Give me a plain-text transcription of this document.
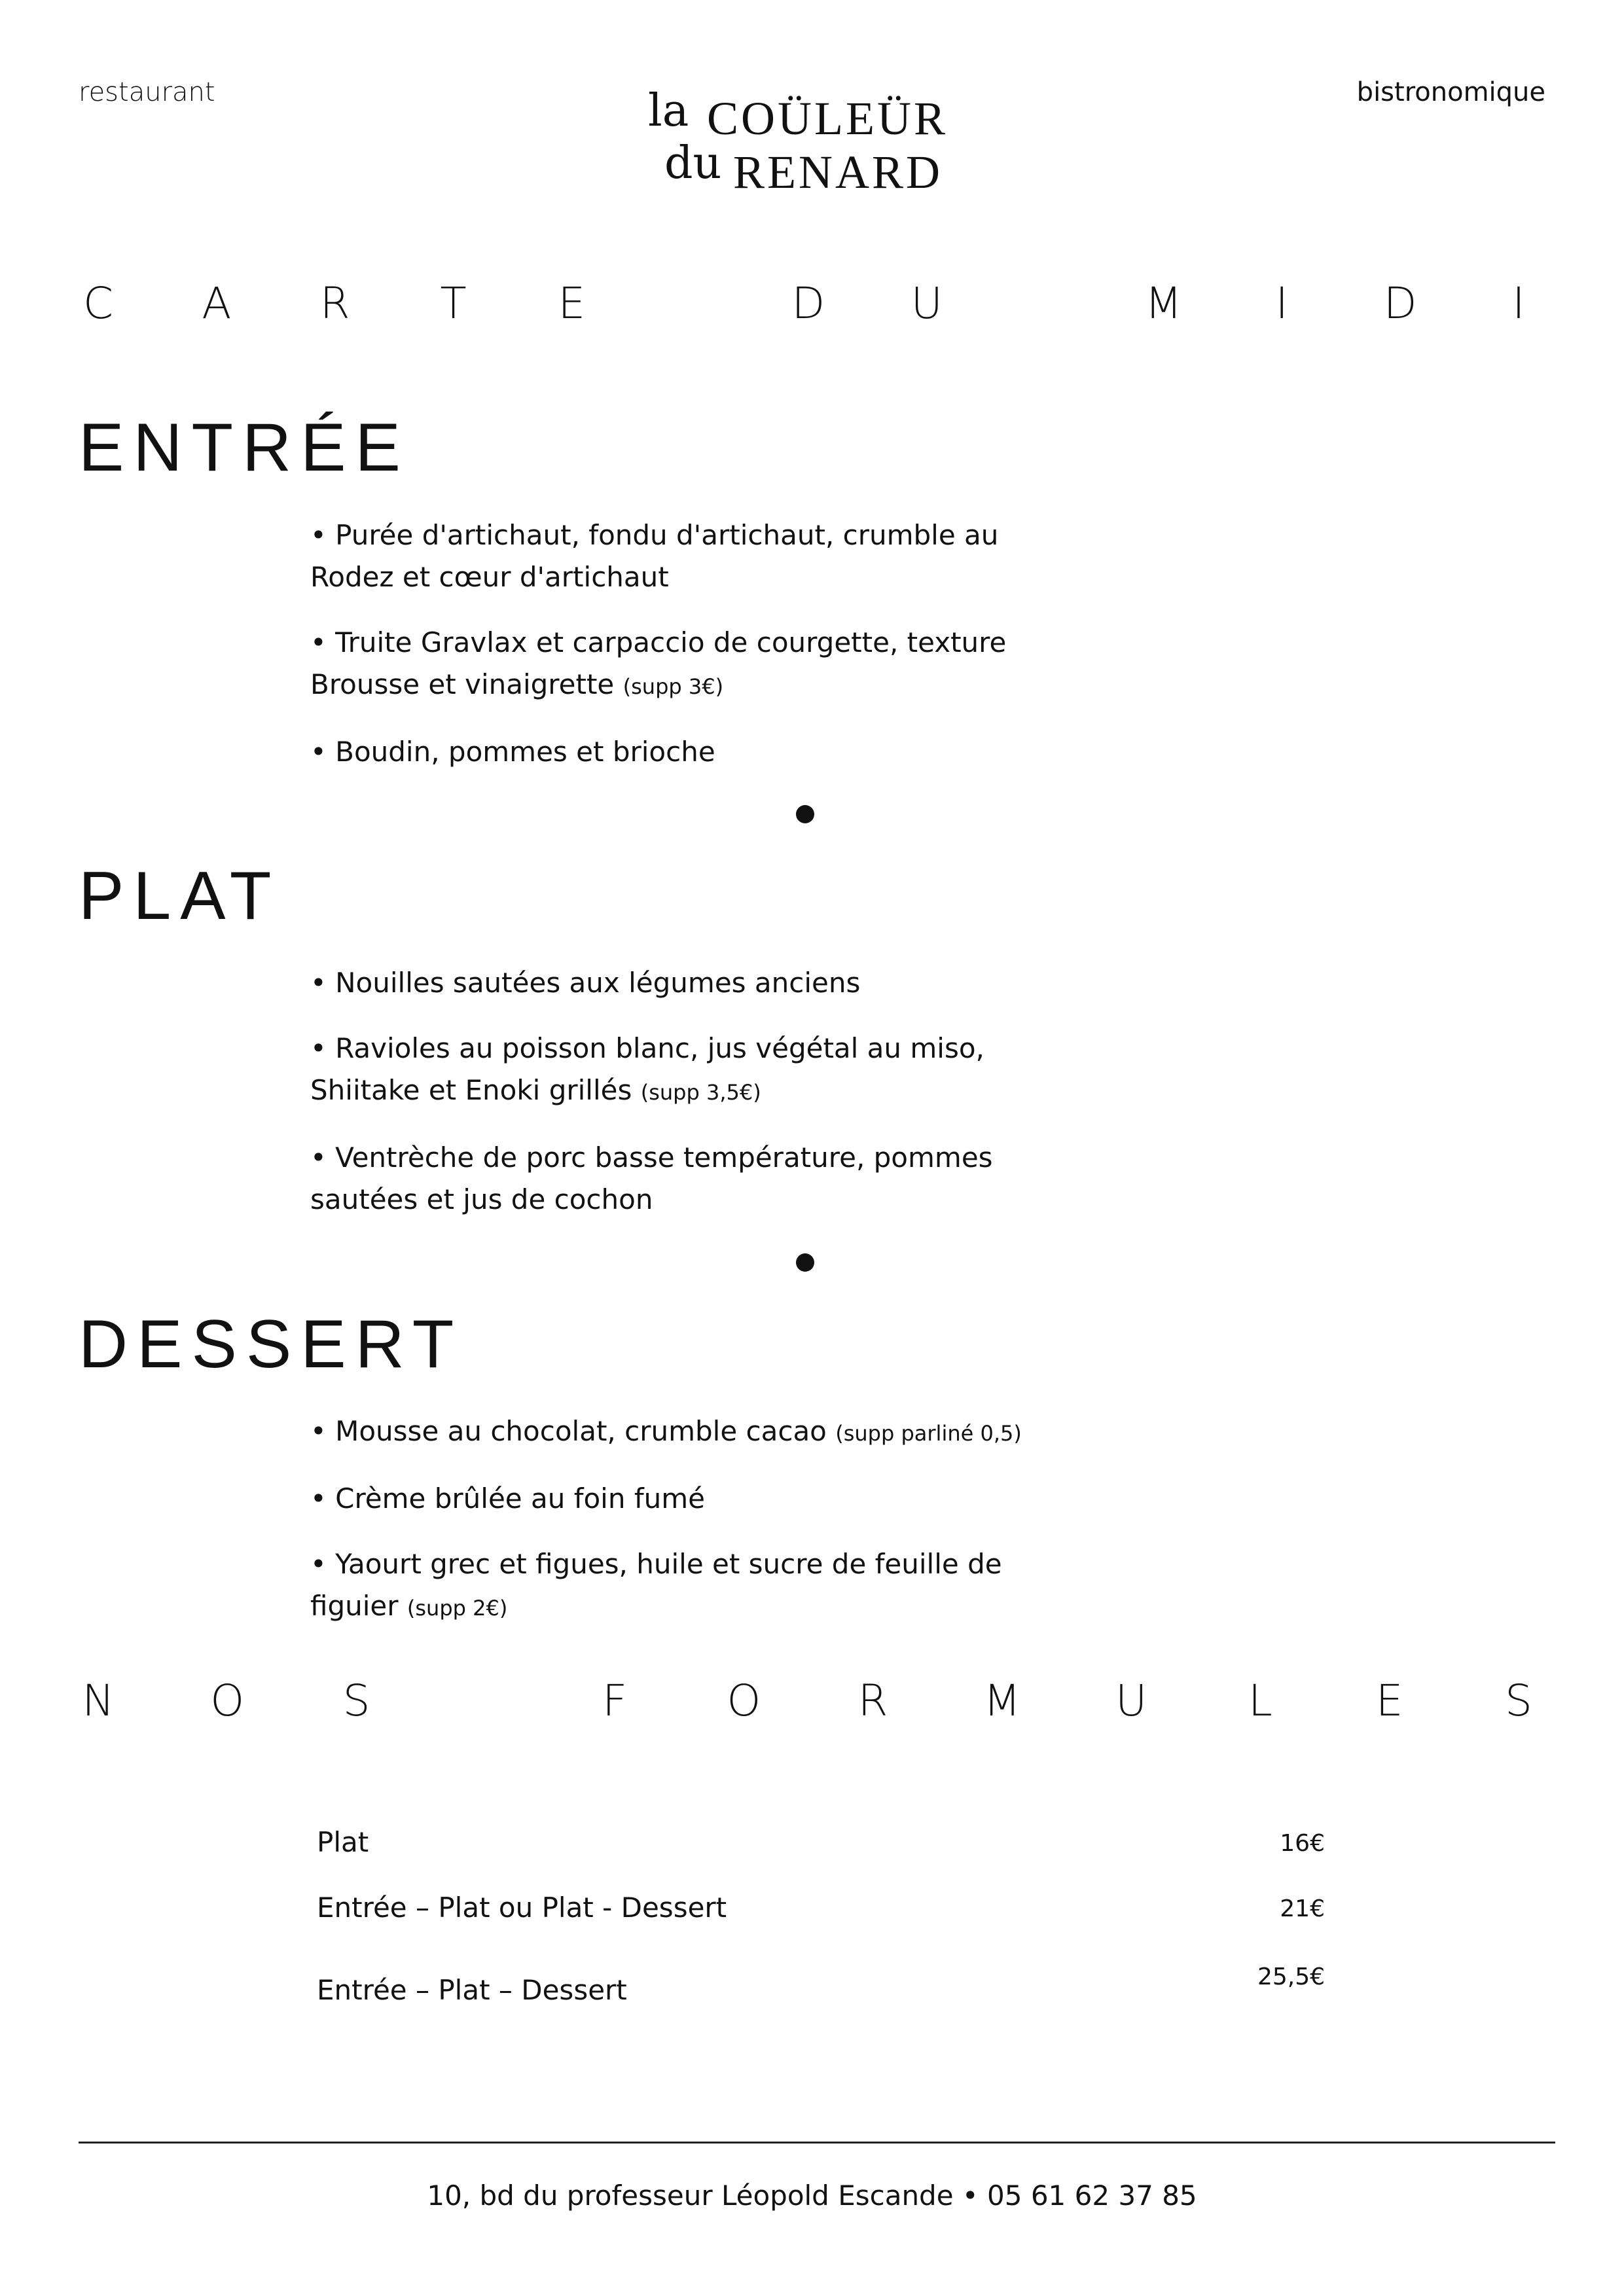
restaurant	bistronomique
la COÜLEÜR
du RENARD
C A R T E	D U	M	I	D	I
ENTRÉE
• Purée d'artichaut, fondu d'artichaut, crumble au Rodez et cœur d'artichaut
• Truite Gravlax et carpaccio de courgette, texture Brousse et vinaigrette (supp 3€)
• Boudin, pommes et brioche
PLAT
• Nouilles sautées aux légumes anciens
• Ravioles au poisson blanc, jus végétal au miso, Shiitake et Enoki grillés (supp 3,5€)
• Ventrèche de porc basse température, pommes sautées et jus de cochon
DESSERT
• Mousse au chocolat, crumble cacao (supp parliné 0,5)
• Crème brûlée au foin fumé
• Yaourt grec et figues, huile et sucre de feuille de figuier (supp 2€)
N O S	F O R M U L E S
Plat	16€
Entrée – Plat ou Plat - Dessert	21€
Entrée – Plat – Dessert	25,5€
10, bd du professeur Léopold Escande • 05 61 62 37 85
